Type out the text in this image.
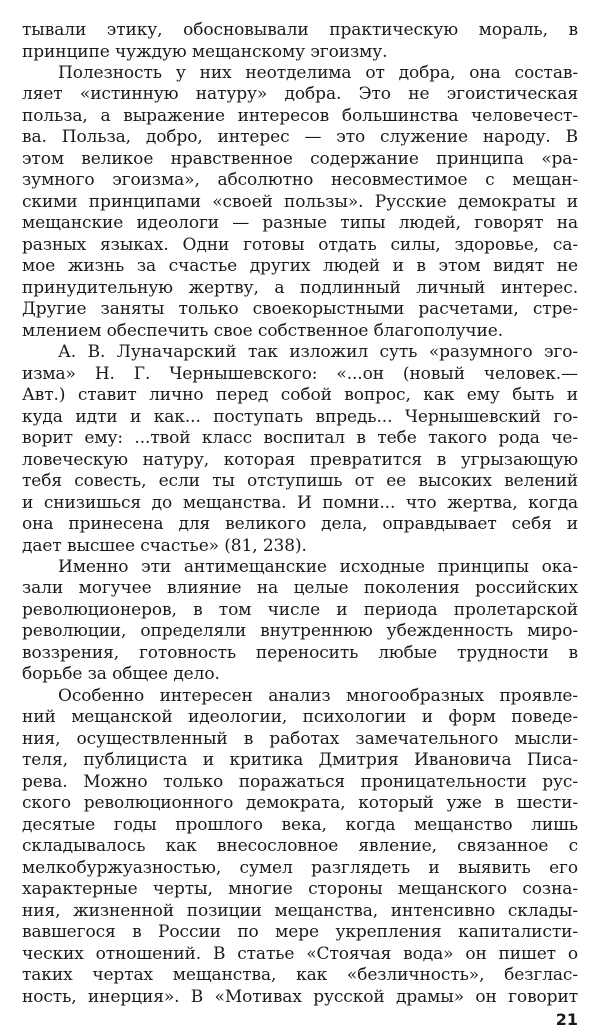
тывали этику, обосновывали практическую мораль, в
принципе чуждую мещанскому эгоизму.
Полезность у них неотделима от добра, она состав-
ляет «истинную натуру» добра. Это не эгоистическая
польза, а выражение интересов большинства человечест-
ва. Польза, добро, интерес — это служение народу. В
этом великое нравственное содержание принципа «ра-
зумного эгоизма», абсолютно несовместимое с мещан-
скими принципами «своей пользы». Русские демократы и
мещанские идеологи — разные типы людей, говорят на
разных языках. Одни готовы отдать силы, здоровье, са-
мое жизнь за счастье других людей и в этом видят не
принудительную жертву, а подлинный личный интерес.
Другие заняты только своекорыстными расчетами, стре-
млением обеспечить свое собственное благополучие.
А. В. Луначарский так изложил суть «разумного эго-
изма» Н. Г. Чернышевского: «...он (новый человек.—
Авт.) ставит лично перед собой вопрос, как ему быть и
куда идти и как... поступать впредь... Чернышевский го-
ворит ему: ...твой класс воспитал в тебе такого рода че-
ловеческую натуру, которая превратится в угрызающую
тебя совесть, если ты отступишь от ее высоких велений
и снизишься до мещанства. И помни... что жертва, когда
она принесена для великого дела, оправдывает себя и
дает высшее счастье» (81, 238).
Именно эти антимещанские исходные принципы ока-
зали могучее влияние на целые поколения российских
революционеров, в том числе и периода пролетарской
революции, определяли внутреннюю убежденность миро-
воззрения, готовность переносить любые трудности в
борьбе за общее дело.
Особенно интересен анализ многообразных проявле-
ний мещанской идеологии, психологии и форм поведе-
ния, осуществленный в работах замечательного мысли-
теля, публициста и критика Дмитрия Ивановича Писа-
рева. Можно только поражаться проницательности рус-
ского революционного демократа, который уже в шести-
десятые годы прошлого века, когда мещанство лишь
складывалось как внесословное явление, связанное с
мелкобуржуазностью, сумел разглядеть и выявить его
характерные черты, многие стороны мещанского созна-
ния, жизненной позиции мещанства, интенсивно склады-
вавшегося в России по мере укрепления капиталисти-
ческих отношений. В статье «Стоячая вода» он пишет о
таких чертах мещанства, как «безличность», безглас-
ность, инерция». В «Мотивах русской драмы» он говорит
21
